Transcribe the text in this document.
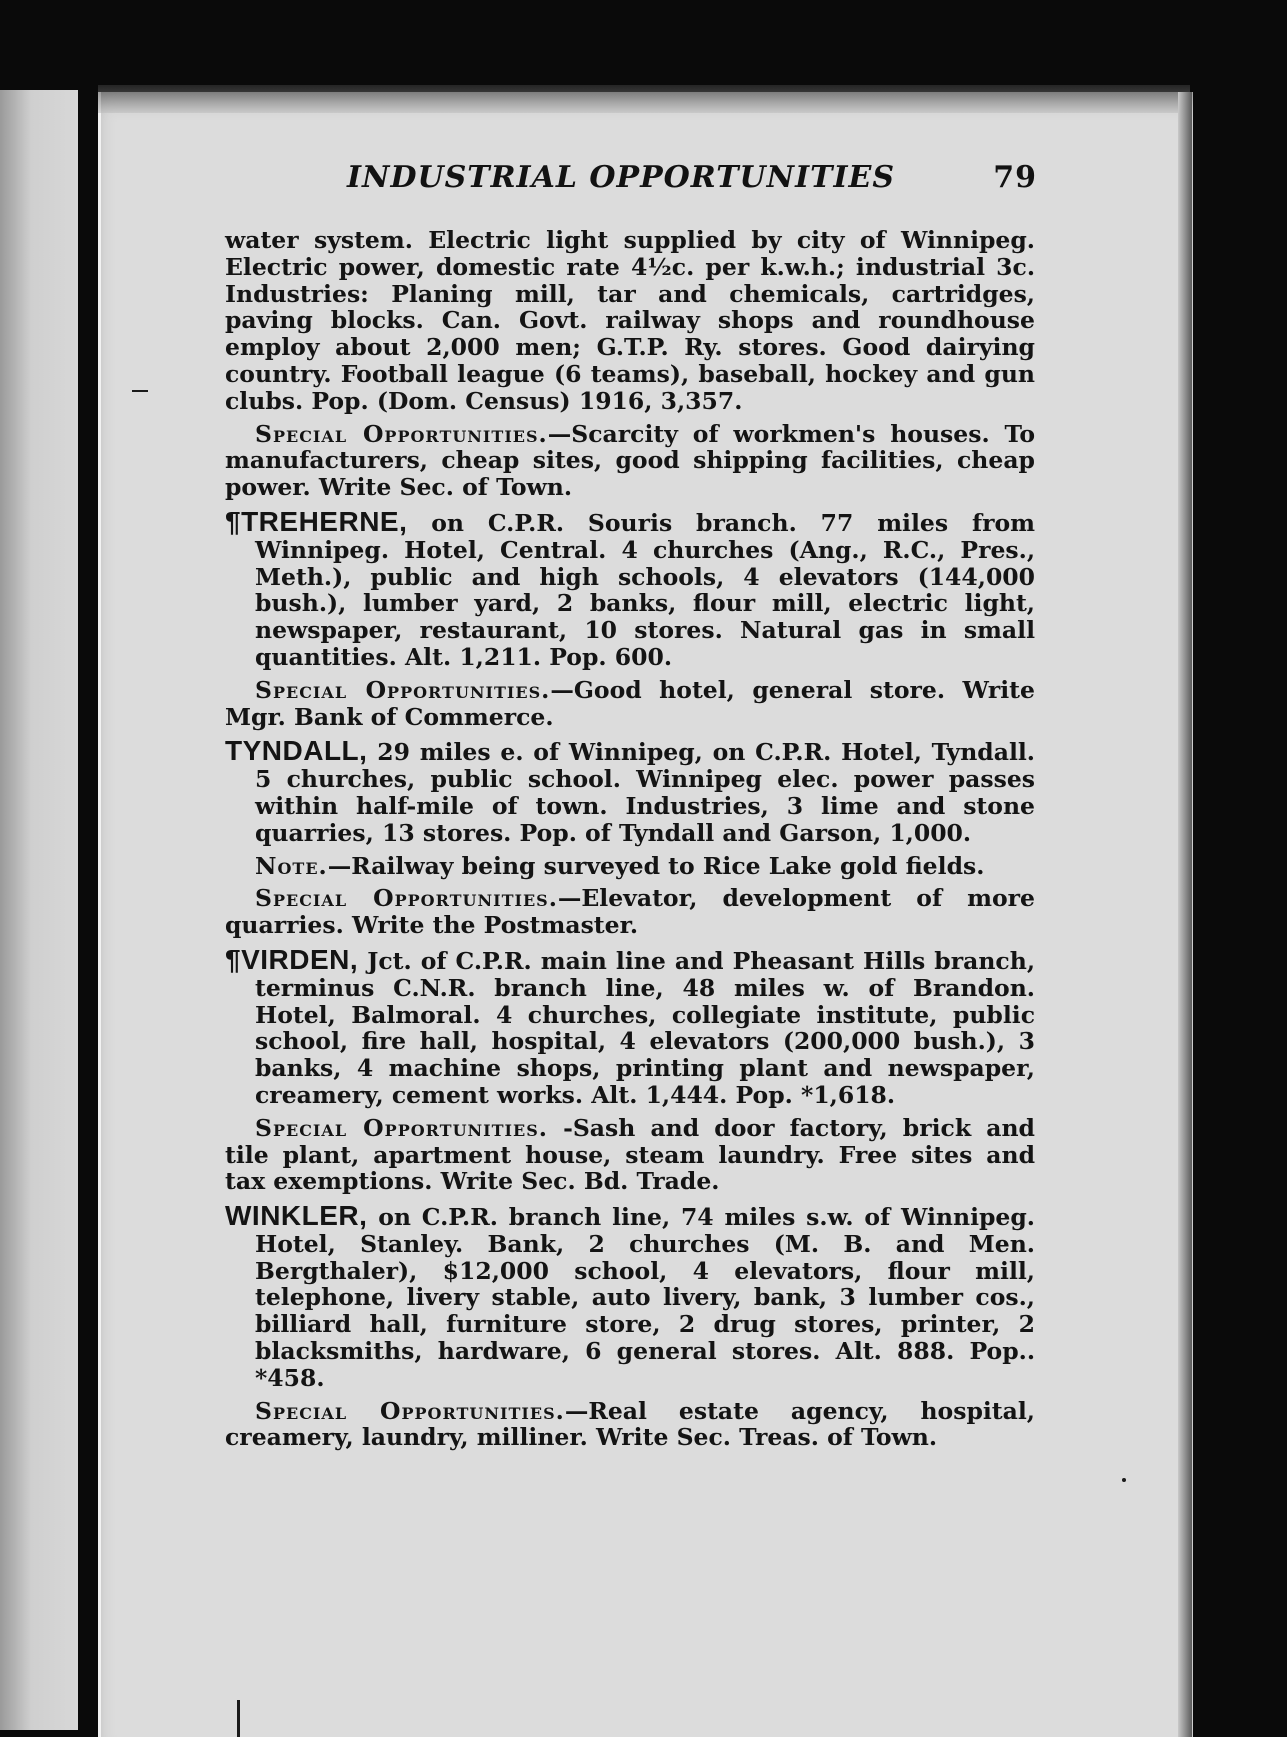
INDUSTRIAL OPPORTUNITIES	79

water system. Electric light supplied by city of Winnipeg. Electric power, domestic rate 4½c. per k.w.h.; industrial 3c. Industries: Planing mill, tar and chemicals, cartridges, paving blocks. Can. Govt. railway shops and roundhouse employ about 2,000 men; G.T.P. Ry. stores. Good dairying country. Football league (6 teams), baseball, hockey and gun clubs. Pop. (Dom. Census) 1916, 3,357.

Special Opportunities.—Scarcity of workmen's houses. To manufacturers, cheap sites, good shipping facilities, cheap power. Write Sec. of Town.

¶TREHERNE, on C.P.R. Souris branch. 77 miles from Winnipeg. Hotel, Central. 4 churches (Ang., R.C., Pres., Meth.), public and high schools, 4 elevators (144,000 bush.), lumber yard, 2 banks, flour mill, electric light, newspaper, restaurant, 10 stores. Natural gas in small quantities. Alt. 1,211. Pop. 600.

Special Opportunities.—Good hotel, general store. Write Mgr. Bank of Commerce.

TYNDALL, 29 miles e. of Winnipeg, on C.P.R. Hotel, Tyndall. 5 churches, public school. Winnipeg elec. power passes within half-mile of town. Industries, 3 lime and stone quarries, 13 stores. Pop. of Tyndall and Garson, 1,000.

Note.—Railway being surveyed to Rice Lake gold fields.

Special Opportunities.—Elevator, development of more quarries. Write the Postmaster.

¶VIRDEN, Jct. of C.P.R. main line and Pheasant Hills branch, terminus C.N.R. branch line, 48 miles w. of Brandon. Hotel, Balmoral. 4 churches, collegiate institute, public school, fire hall, hospital, 4 elevators (200,000 bush.), 3 banks, 4 machine shops, printing plant and newspaper, creamery, cement works. Alt. 1,444. Pop. *1,618.

Special Opportunities. -Sash and door factory, brick and tile plant, apartment house, steam laundry. Free sites and tax exemptions. Write Sec. Bd. Trade.

WINKLER, on C.P.R. branch line, 74 miles s.w. of Winnipeg. Hotel, Stanley. Bank, 2 churches (M. B. and Men. Bergthaler), $12,000 school, 4 elevators, flour mill, telephone, livery stable, auto livery, bank, 3 lumber cos., billiard hall, furniture store, 2 drug stores, printer, 2 blacksmiths, hardware, 6 general stores. Alt. 888. Pop.. *458.

Special Opportunities.—Real estate agency, hospital, creamery, laundry, milliner. Write Sec. Treas. of Town.
